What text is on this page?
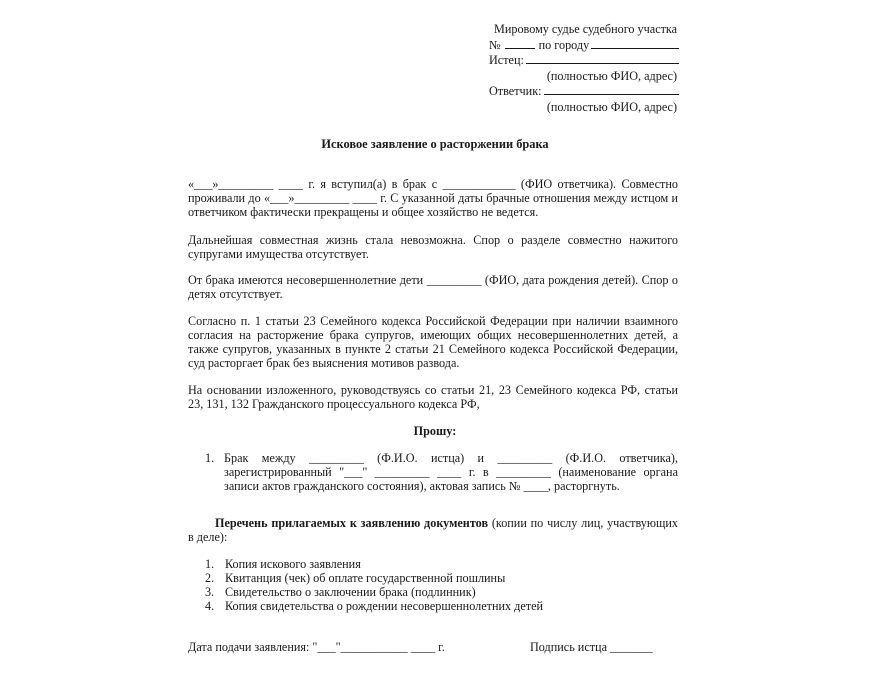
Мировому судье судебного участка
№	по городу
Истец:
(полностью ФИО, адрес)
Ответчик:
(полностью ФИО, адрес)
Исковое заявление о расторжении брака
«___»_________ ____ г. я вступил(а) в брак с ____________ (ФИО ответчика). Совместно проживали до «___»_________ ____ г. С указанной даты брачные отношения между истцом и ответчиком фактически прекращены и общее хозяйство не ведется.
Дальнейшая совместная жизнь стала невозможна. Спор о разделе совместно нажитого супругами имущества отсутствует.
От брака имеются несовершеннолетние дети _________ (ФИО, дата рождения детей). Спор о детях отсутствует.
Согласно п. 1 статьи 23 Семейного кодекса Российской Федерации при наличии взаимного согласия на расторжение брака супругов, имеющих общих несовершеннолетних детей, а также супругов, указанных в пункте 2 статьи 21 Семейного кодекса Российской Федерации, суд расторгает брак без выяснения мотивов развода.
На основании изложенного, руководствуясь со статьи 21, 23 Семейного кодекса РФ, статьи 23, 131, 132 Гражданского процессуального кодекса РФ,
Прошу:
1. Брак между _________ (Ф.И.О. истца) и _________ (Ф.И.О. ответчика), зарегистрированный "___" _________ ____ г. в _________ (наименование органа записи актов гражданского состояния), актовая запись № ____, расторгнуть.
Перечень прилагаемых к заявлению документов (копии по числу лиц, участвующих в деле):
1. Копия искового заявления
2. Квитанция (чек) об оплате государственной пошлины
3. Свидетельство о заключении брака (подлинник)
4. Копия свидетельства о рождении несовершеннолетних детей
Дата подачи заявления: "___"___________ ____ г.	Подпись истца _______
